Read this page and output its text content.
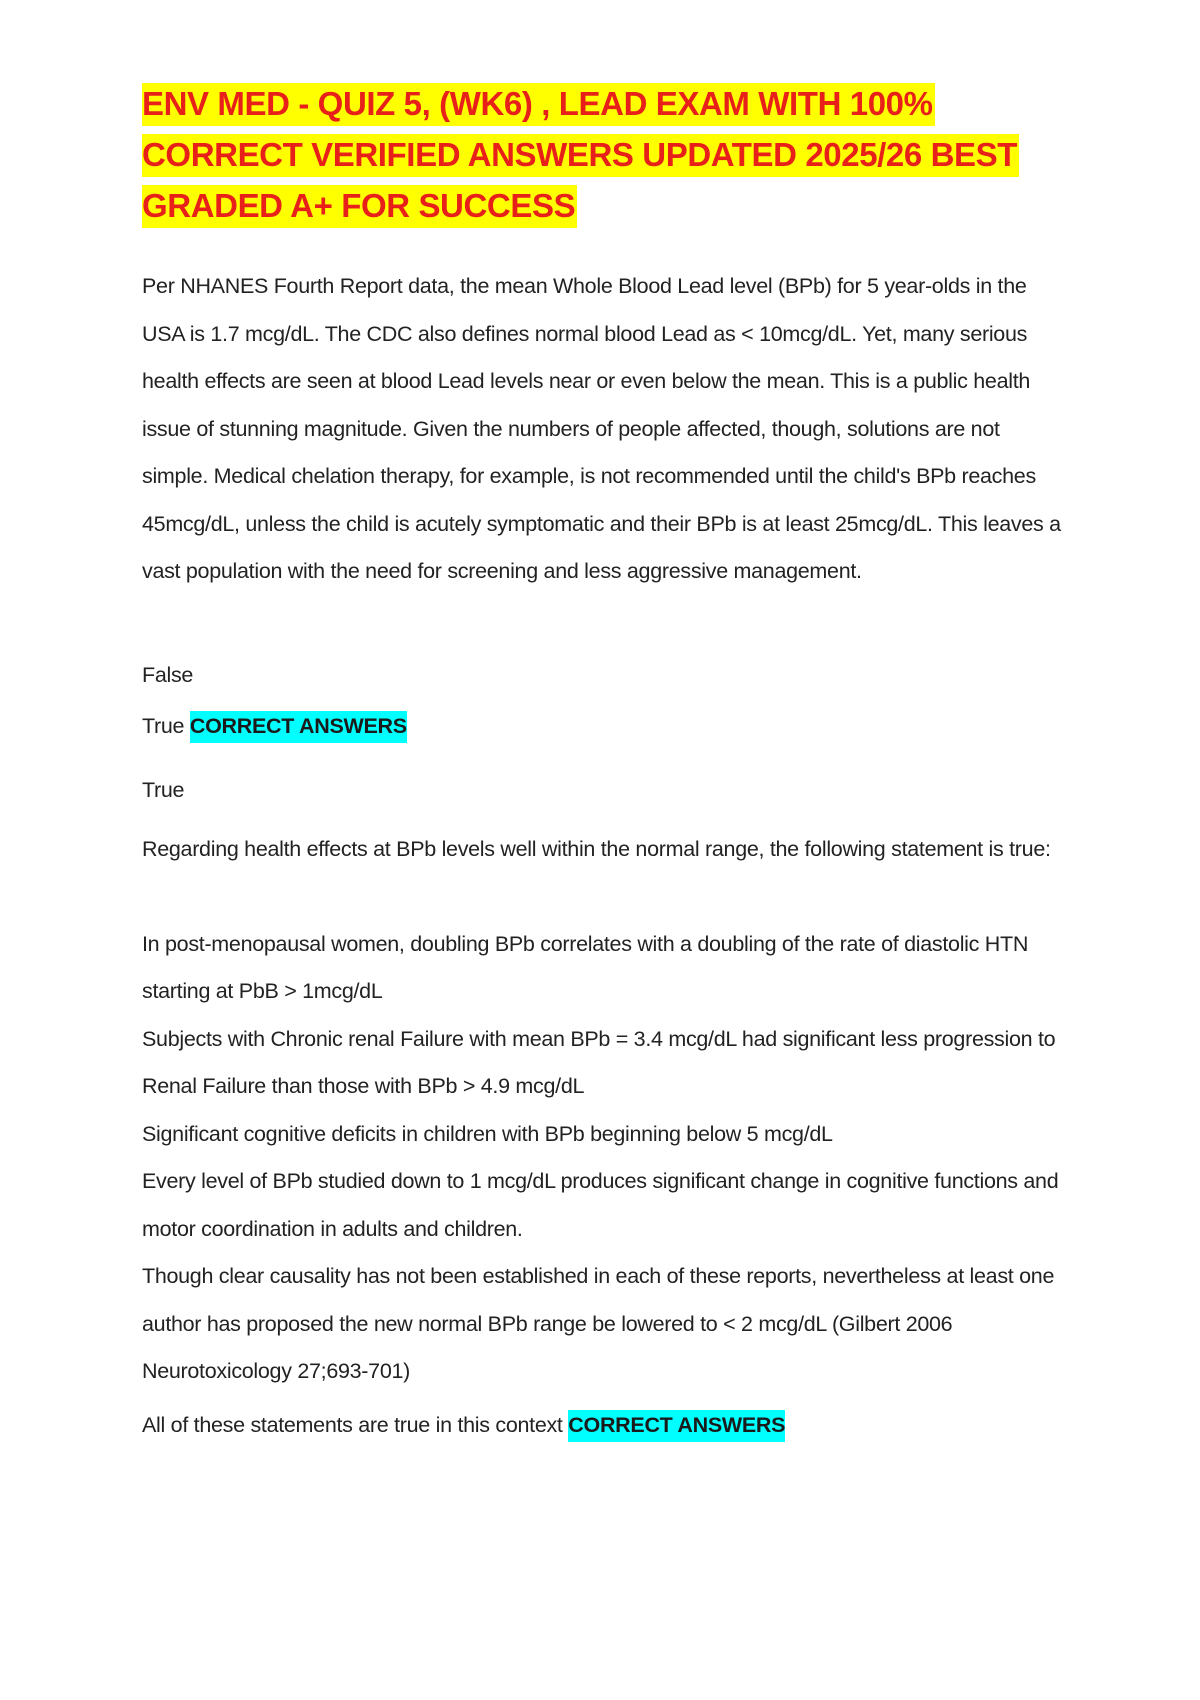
ENV MED - QUIZ 5, (WK6) , LEAD EXAM WITH 100% CORRECT VERIFIED ANSWERS UPDATED 2025/26 BEST GRADED A+ FOR SUCCESS

Per NHANES Fourth Report data, the mean Whole Blood Lead level (BPb) for 5 year-olds in the USA is 1.7 mcg/dL. The CDC also defines normal blood Lead as < 10mcg/dL. Yet, many serious health effects are seen at blood Lead levels near or even below the mean. This is a public health issue of stunning magnitude. Given the numbers of people affected, though, solutions are not simple. Medical chelation therapy, for example, is not recommended until the child's BPb reaches 45mcg/dL, unless the child is acutely symptomatic and their BPb is at least 25mcg/dL. This leaves a vast population with the need for screening and less aggressive management.

False

True CORRECT ANSWERS

True

Regarding health effects at BPb levels well within the normal range, the following statement is true:

In post-menopausal women, doubling BPb correlates with a doubling of the rate of diastolic HTN starting at PbB > 1mcg/dL

Subjects with Chronic renal Failure with mean BPb = 3.4 mcg/dL had significant less progression to Renal Failure than those with BPb > 4.9 mcg/dL

Significant cognitive deficits in children with BPb beginning below 5 mcg/dL

Every level of BPb studied down to 1 mcg/dL produces significant change in cognitive functions and motor coordination in adults and children.

Though clear causality has not been established in each of these reports, nevertheless at least one author has proposed the new normal BPb range be lowered to < 2 mcg/dL (Gilbert 2006 Neurotoxicology 27;693-701)

All of these statements are true in this context CORRECT ANSWERS
